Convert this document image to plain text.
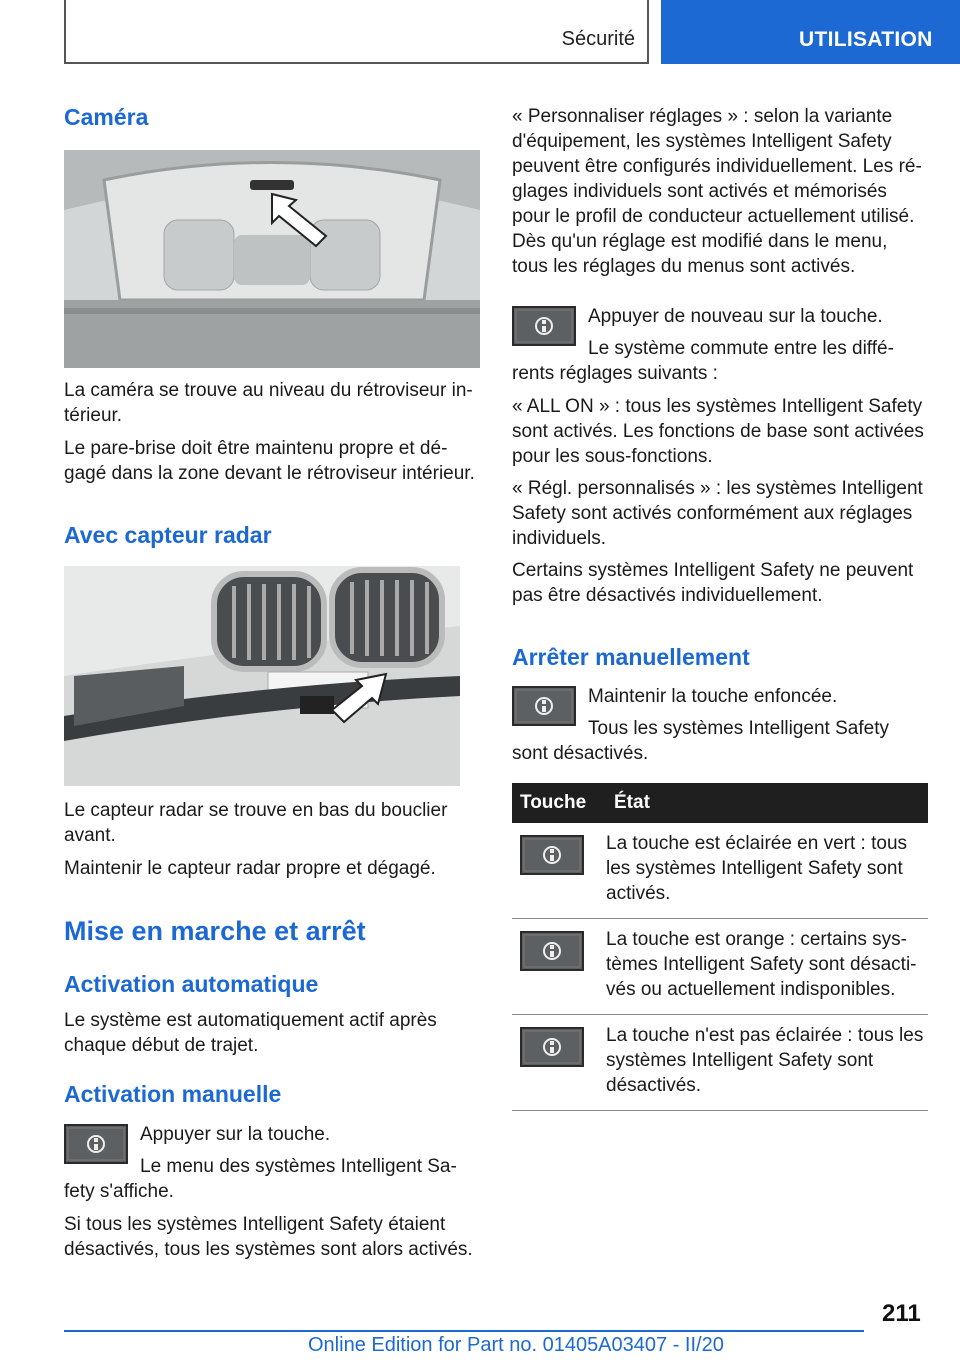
Sécurité	UTILISATION
Caméra

La caméra se trouve au niveau du rétroviseur intérieur.

Le pare-brise doit être maintenu propre et dégagé dans la zone devant le rétroviseur intérieur.

Avec capteur radar

Le capteur radar se trouve en bas du bouclier avant.

Maintenir le capteur radar propre et dégagé.

Mise en marche et arrêt
Activation automatique

Le système est automatiquement actif après chaque début de trajet.

Activation manuelle

Appuyer sur la touche.

Le menu des systèmes Intelligent Safety s'affiche.

Si tous les systèmes Intelligent Safety étaient désactivés, tous les systèmes sont alors activés.

« Personnaliser réglages » : selon la variante d'équipement, les systèmes Intelligent Safety peuvent être configurés individuellement. Les réglages individuels sont activés et mémorisés pour le profil de conducteur actuellement utilisé. Dès qu'un réglage est modifié dans le menu, tous les réglages du menus sont activés.

Appuyer de nouveau sur la touche.

Le système commute entre les différents réglages suivants :

« ALL ON » : tous les systèmes Intelligent Safety sont activés. Les fonctions de base sont activées pour les sous-fonctions.

« Régl. personnalisés » : les systèmes Intelligent Safety sont activés conformément aux réglages individuels.

Certains systèmes Intelligent Safety ne peuvent pas être désactivés individuellement.

Arrêter manuellement

Maintenir la touche enfoncée.

Tous les systèmes Intelligent Safety sont désactivés.

Touche	État

	La touche est éclairée en vert : tous les systèmes Intelligent Safety sont activés.

	La touche est orange : certains systèmes Intelligent Safety sont désactivés ou actuellement indisponibles.

	La touche n'est pas éclairée : tous les systèmes Intelligent Safety sont désactivés.
211
Online Edition for Part no. 01405A03407 - II/20
